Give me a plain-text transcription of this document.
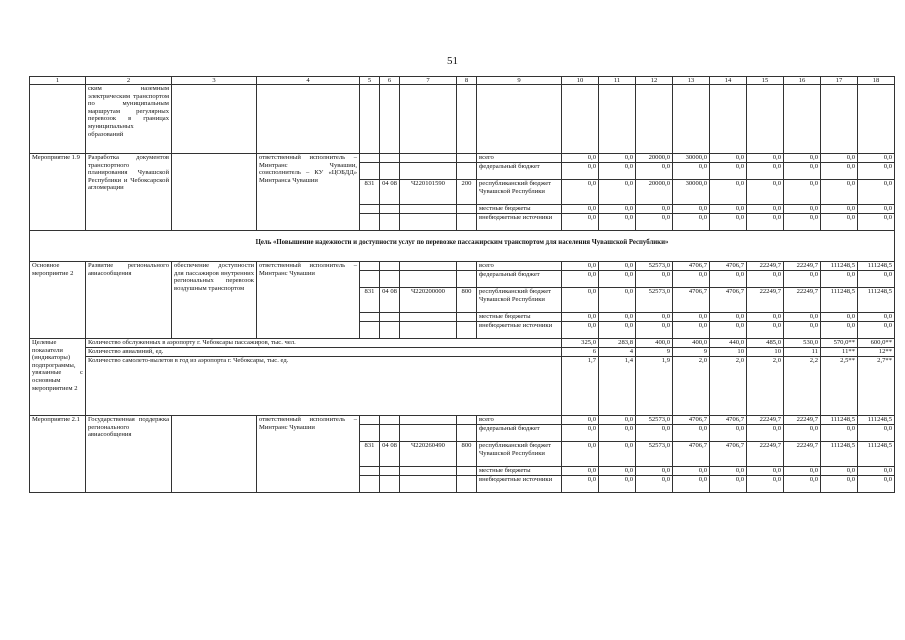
51
1	2	3	4	5	6	7	8	9	10	11	12	13	14	15	16	17	18
	ским наземным электрическим транспортом по муниципальным маршрутам регулярных перевозок в границах муниципальных образований																
Мероприятие 1.9	Разработка документов транспортного планирования Чувашской Республики и Чебоксарской агломерации		ответственный исполнитель – Минтранс Чувашии, соисполнитель – КУ «ЦОБДД» Минтранса Чувашии					всего	0,0	0,0	20000,0	30000,0	0,0	0,0	0,0	0,0	0,0
								федеральный бюджет	0,0	0,0	0,0	0,0	0,0	0,0	0,0	0,0	0,0
				831	04 08	Ч220101590	200	республиканский бюджет Чувашской Республики	0,0	0,0	20000,0	30000,0	0,0	0,0	0,0	0,0	0,0
								местные бюджеты	0,0	0,0	0,0	0,0	0,0	0,0	0,0	0,0	0,0
								внебюджетные источники	0,0	0,0	0,0	0,0	0,0	0,0	0,0	0,0	0,0
Цель «Повышение надежности и доступности услуг по перевозке пассажирским транспортом для населения Чувашской Республики»																	
Основное мероприятие 2	Развитие регионального авиасообщения	обеспечение доступности для пассажиров внутренних региональных перевозок воздушным транспортом	ответственный исполнитель – Минтранс Чувашии					всего	0,0	0,0	52573,0	4706,7	4706,7	22249,7	22249,7	111248,5	111248,5
								федеральный бюджет	0,0	0,0	0,0	0,0	0,0	0,0	0,0	0,0	0,0
				831	04 08	Ч220200000	800	республиканский бюджет Чувашской Республики	0,0	0,0	52573,0	4706,7	4706,7	22249,7	22249,7	111248,5	111248,5
								местные бюджеты	0,0	0,0	0,0	0,0	0,0	0,0	0,0	0,0	0,0
								внебюджетные источники	0,0	0,0	0,0	0,0	0,0	0,0	0,0	0,0	0,0
Целевые показатели (индикаторы) подпрограммы, увязанные с основным мероприятием 2	Количество обслуженных в аэропорту г. Чебоксары пассажиров, тыс. чел.								325,0	283,8	400,0	400,0	440,0	485,0	530,0	570,0**	600,0**
	Количество авиалиний, ед.								6	4	9	9	10	10	11	11**	12**
	Количество самолето-вылетов в год из аэропорта г. Чебоксары, тыс. ед.								1,7	1,4	1,9	2,0	2,0	2,0	2,2	2,5**	2,7**
Мероприятие 2.1	Государственная поддержка регионального авиасообщения		ответственный исполнитель – Минтранс Чувашии					всего	0,0	0,0	52573,0	4706,7	4706,7	22249,7	22249,7	111248,5	111248,5
								федеральный бюджет	0,0	0,0	0,0	0,0	0,0	0,0	0,0	0,0	0,0
				831	04 08	Ч220260490	800	республиканский бюджет Чувашской Республики	0,0	0,0	52573,0	4706,7	4706,7	22249,7	22249,7	111248,5	111248,5
								местные бюджеты	0,0	0,0	0,0	0,0	0,0	0,0	0,0	0,0	0,0
								внебюджетные источники	0,0	0,0	0,0	0,0	0,0	0,0	0,0	0,0	0,0
